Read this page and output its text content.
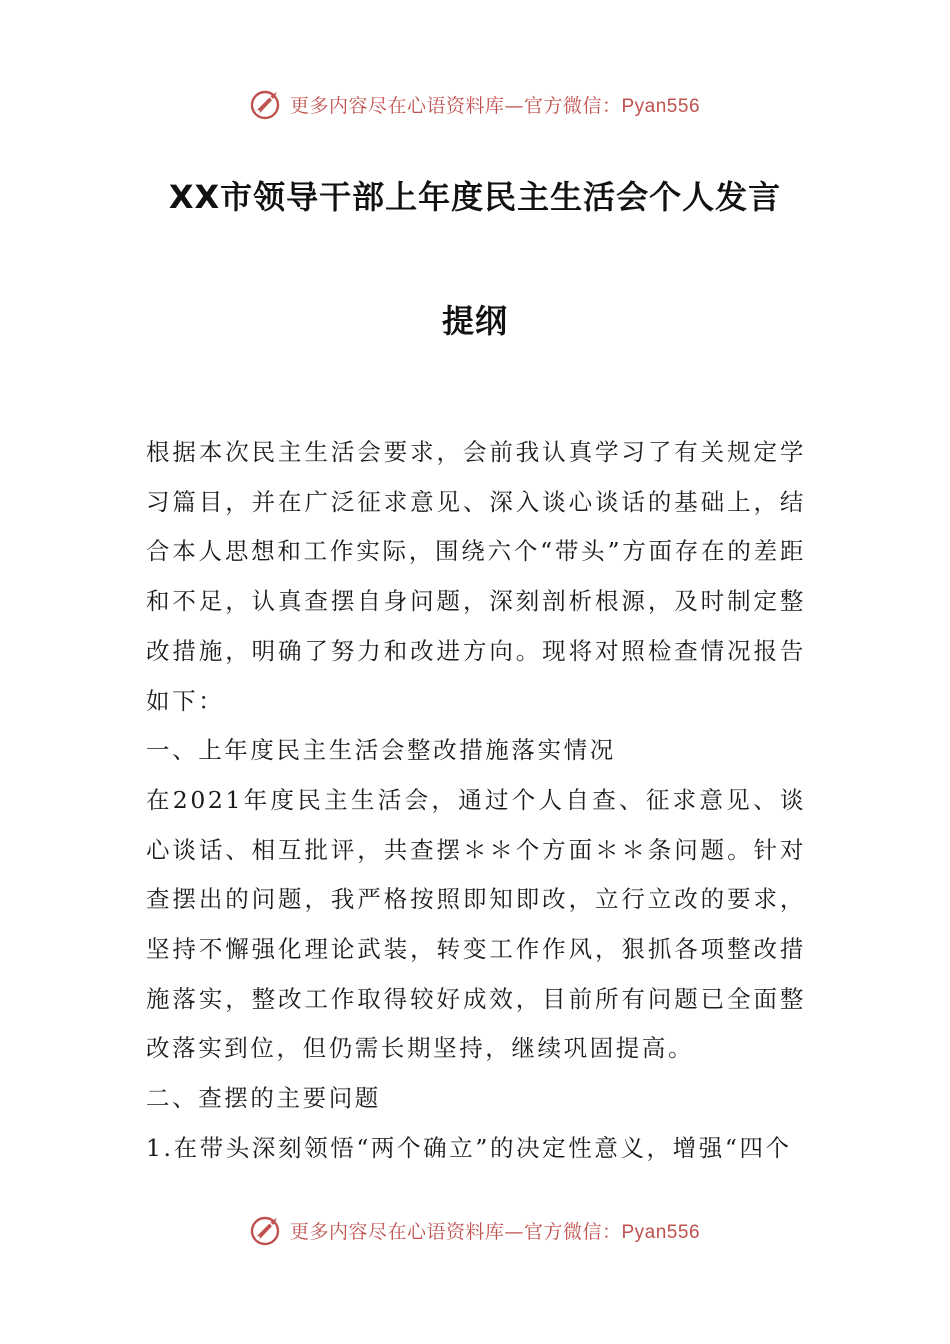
更多内容尽在心语资料库—官方微信：Pyan556
XX市领导干部上年度民主生活会个人发言
提纲

根据本次民主生活会要求，会前我认真学习了有关规定学习篇目，并在广泛征求意见、深入谈心谈话的基础上，结合本人思想和工作实际，围绕六个“带头”方面存在的差距和不足，认真查摆自身问题，深刻剖析根源，及时制定整改措施，明确了努力和改进方向。现将对照检查情况报告如下：

一、上年度民主生活会整改措施落实情况

在2021年度民主生活会，通过个人自查、征求意见、谈心谈话、相互批评，共查摆＊＊个方面＊＊条问题。针对查摆出的问题，我严格按照即知即改，立行立改的要求，坚持不懈强化理论武装，转变工作作风，狠抓各项整改措施落实，整改工作取得较好成效，目前所有问题已全面整改落实到位，但仍需长期坚持，继续巩固提高。

二、查摆的主要问题

1.在带头深刻领悟“两个确立”的决定性意义，增强“四个

更多内容尽在心语资料库—官方微信：Pyan556
